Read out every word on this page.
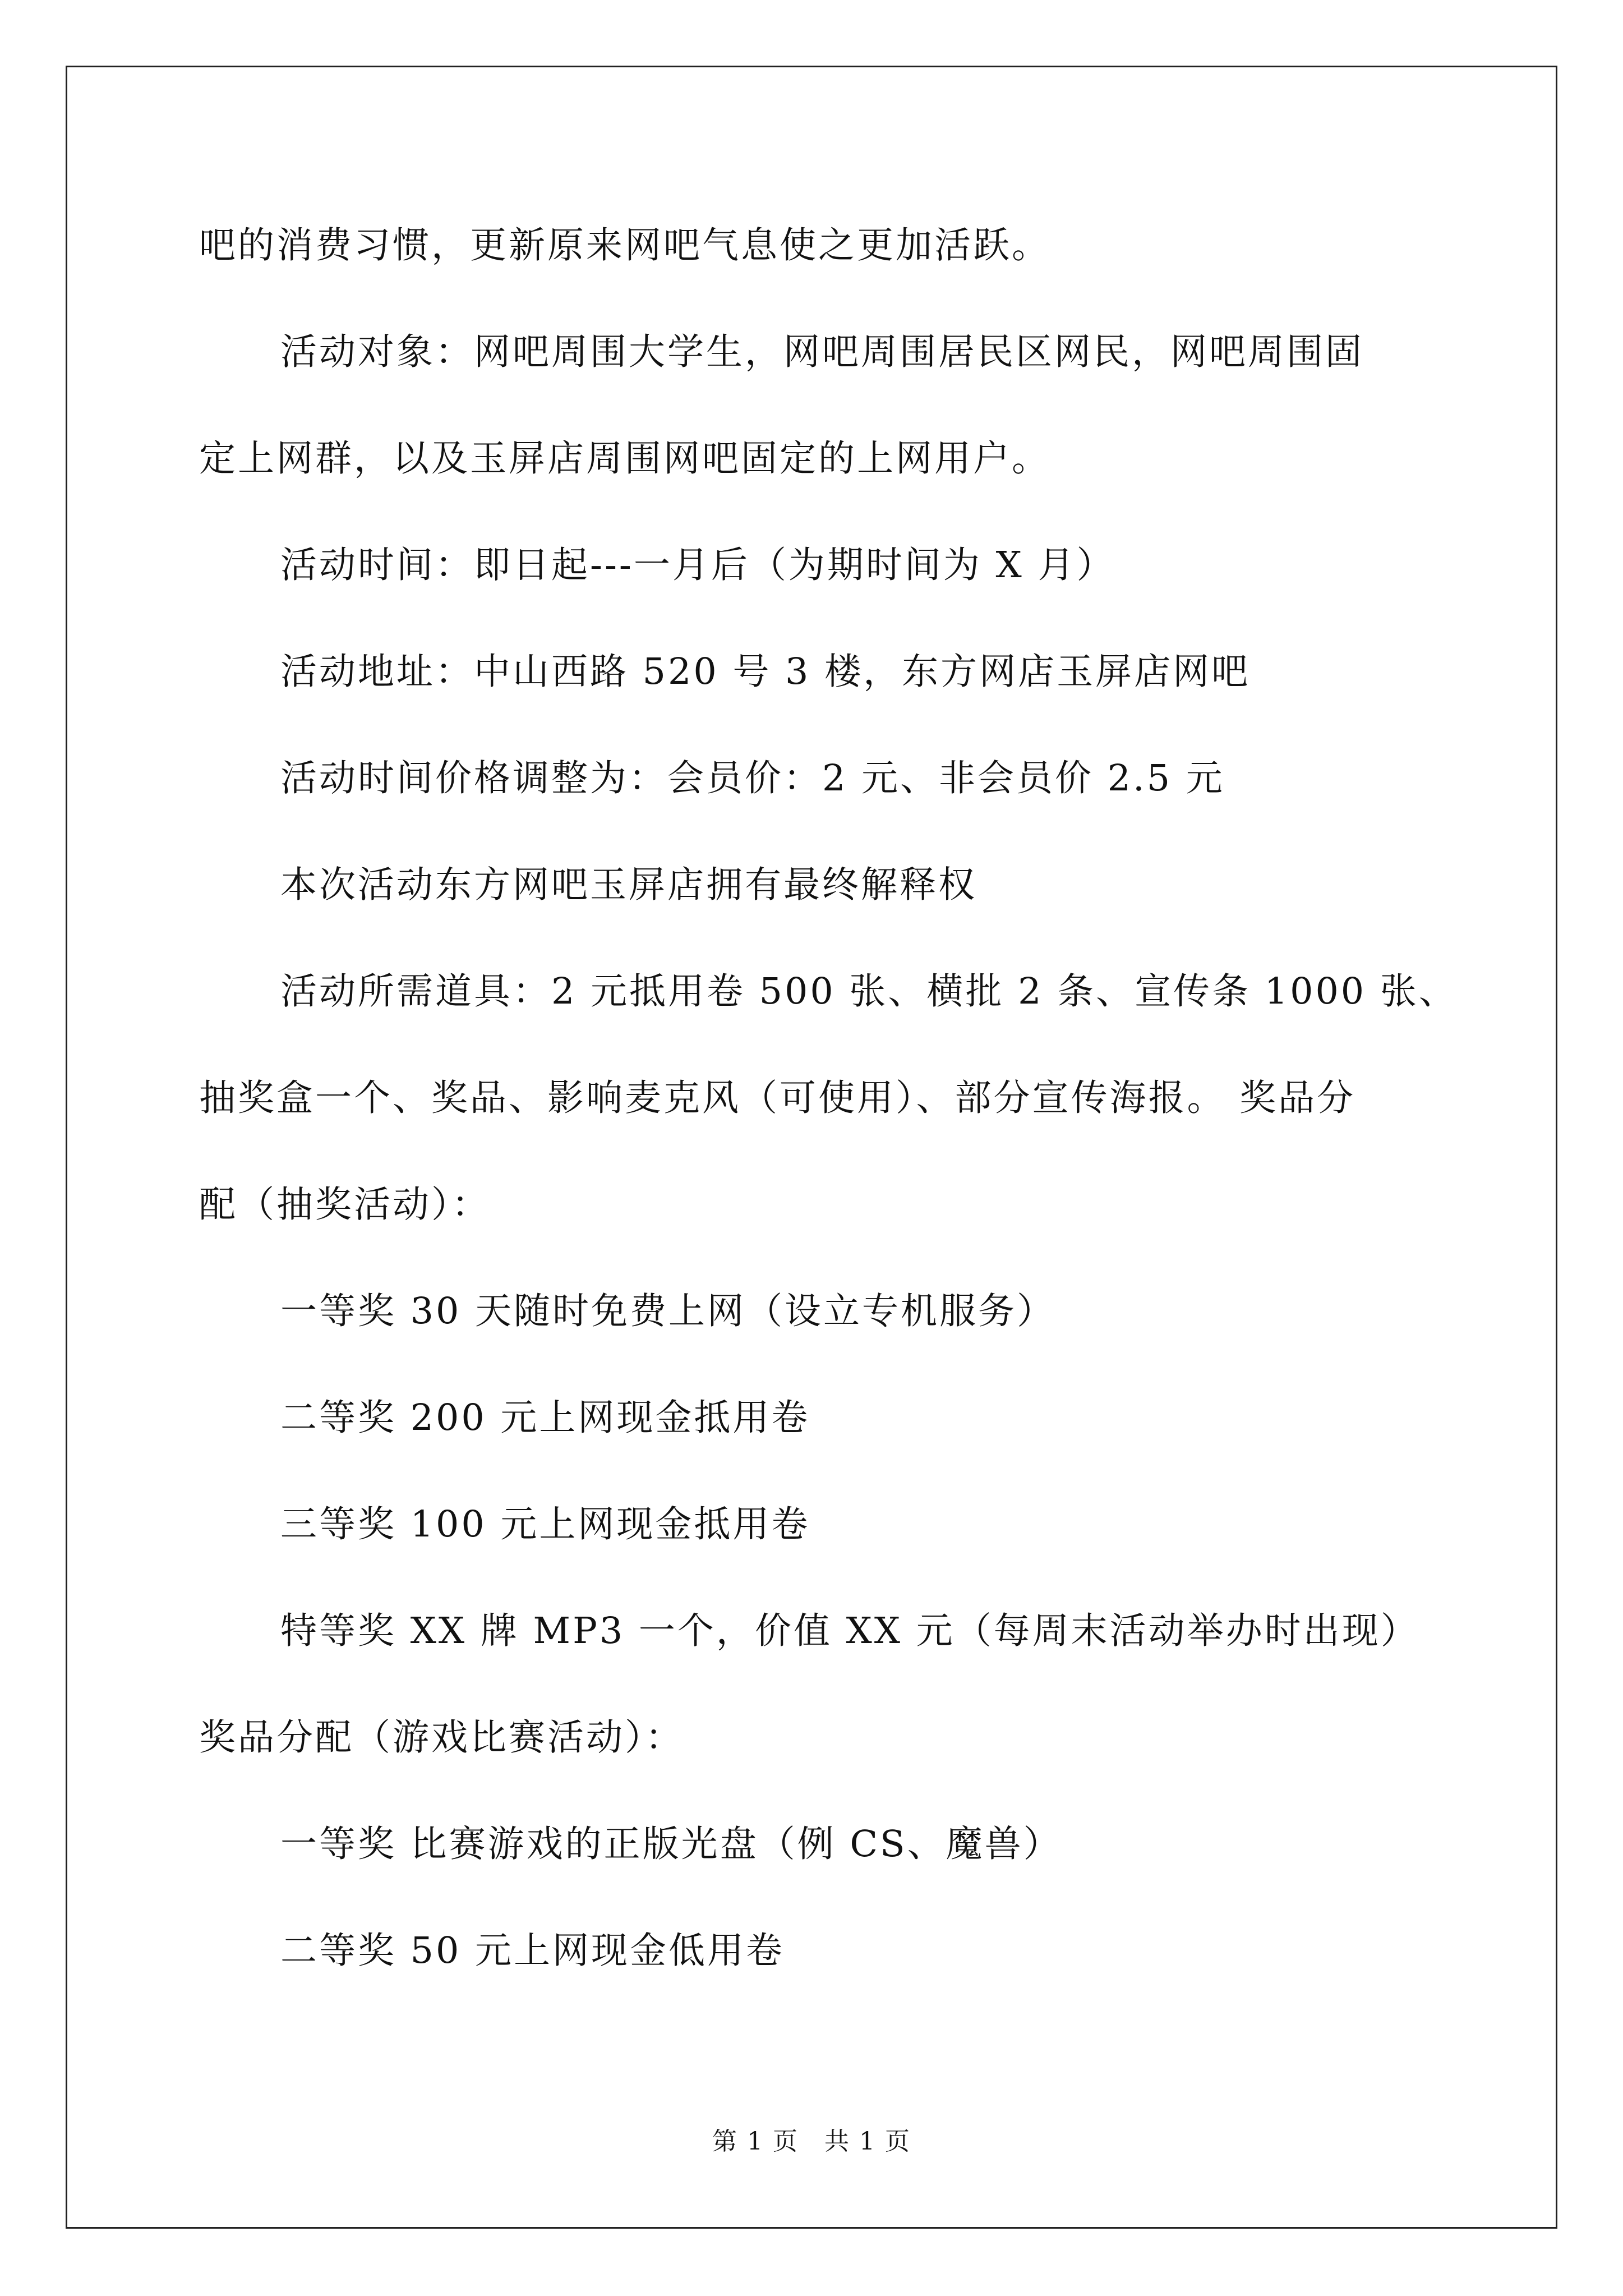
吧的消费习惯，更新原来网吧气息使之更加活跃。
活动对象：网吧周围大学生，网吧周围居民区网民，网吧周围固
定上网群，以及玉屏店周围网吧固定的上网用户。
活动时间：即日起---一月后（为期时间为 X 月）
活动地址：中山西路 520 号 3 楼，东方网店玉屏店网吧
活动时间价格调整为：会员价：2 元、非会员价 2.5 元
本次活动东方网吧玉屏店拥有最终解释权
活动所需道具：2 元抵用卷 500 张、横批 2 条、宣传条 1000 张、
抽奖盒一个、奖品、影响麦克风（可使用）、部分宣传海报。 奖品分
配（抽奖活动）：
一等奖 30 天随时免费上网（设立专机服务）
二等奖 200 元上网现金抵用卷
三等奖 100 元上网现金抵用卷
特等奖 XX 牌 MP3 一个，价值 XX 元（每周末活动举办时出现）
奖品分配（游戏比赛活动）：
一等奖 比赛游戏的正版光盘（例 CS、魔兽）
二等奖 50 元上网现金低用卷
第 1 页　共 1 页
